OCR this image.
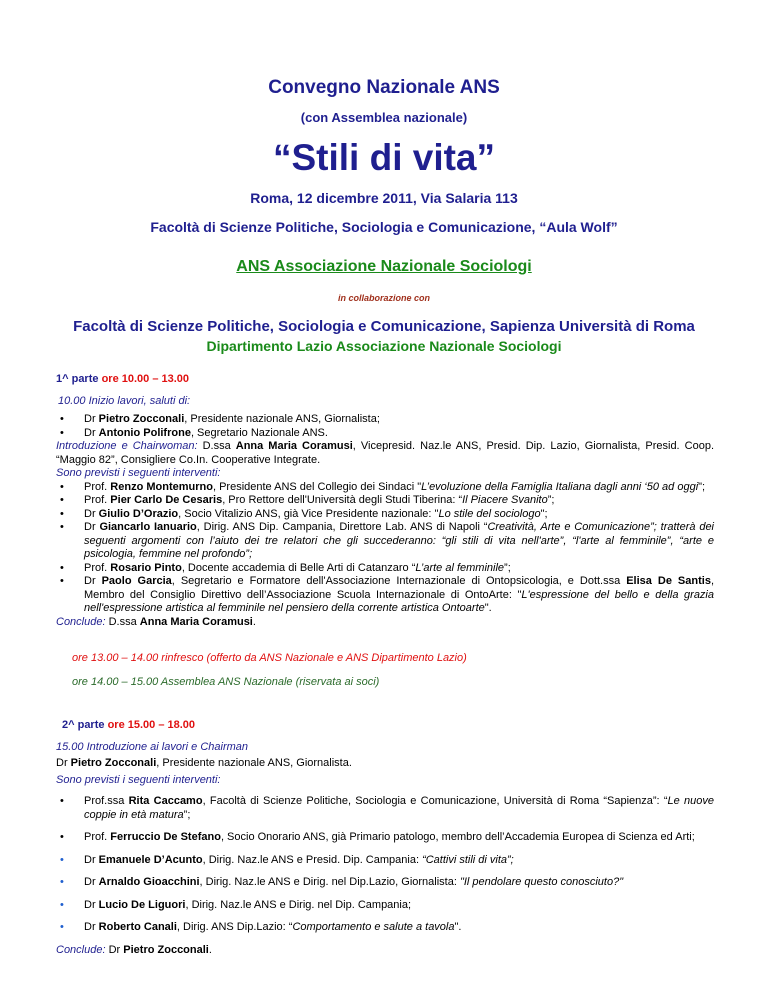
Convegno Nazionale ANS

(con Assemblea nazionale)

“Stili di vita”

Roma, 12 dicembre 2011, Via Salaria 113

Facoltà di Scienze Politiche, Sociologia e Comunicazione, “Aula Wolf”

ANS Associazione Nazionale Sociologi

in collaborazione con

Facoltà di Scienze Politiche, Sociologia e Comunicazione, Sapienza Università di Roma

Dipartimento Lazio Associazione Nazionale Sociologi

1^ parte ore 10.00 – 13.00

10.00 Inizio lavori, saluti di:

• Dr Pietro Zocconali, Presidente nazionale ANS, Giornalista;
• Dr Antonio Polifrone, Segretario Nazionale ANS.

Introduzione e Chairwoman: D.ssa Anna Maria Coramusi, Vicepresid. Naz.le ANS, Presid. Dip. Lazio, Giornalista, Presid. Coop. “Maggio 82”, Consigliere Co.In. Cooperative Integrate.

Sono previsti i seguenti interventi:

• Prof. Renzo Montemurno, Presidente ANS del Collegio dei Sindaci "L’evoluzione della Famiglia Italiana dagli anni ‘50 ad oggi";
• Prof. Pier Carlo De Cesaris, Pro Rettore dell'Università degli Studi Tiberina: “Il Piacere Svanito”;
• Dr Giulio D’Orazio, Socio Vitalizio ANS, già Vice Presidente nazionale: "Lo stile del sociologo";
• Dr Giancarlo Ianuario, Dirig. ANS Dip. Campania, Direttore Lab. ANS di Napoli “Creatività, Arte e Comunicazione”; tratterà dei seguenti argomenti con l’aiuto dei tre relatori che gli succederanno: “gli stili di vita nell'arte”, “l'arte al femminile”, “arte e psicologia, femmine nel profondo”;
• Prof. Rosario Pinto, Docente accademia di Belle Arti di Catanzaro “L’arte al femminile”;
• Dr Paolo Garcia, Segretario e Formatore dell'Associazione Internazionale di Ontopsicologia, e Dott.ssa Elisa De Santis, Membro del Consiglio Direttivo dell’Associazione Scuola Internazionale di OntoArte: "L'espressione del bello e della grazia nell'espressione artistica al femminile nel pensiero della corrente artistica Ontoarte".

Conclude: D.ssa Anna Maria Coramusi.

ore 13.00 – 14.00 rinfresco (offerto da ANS Nazionale e ANS Dipartimento Lazio)

ore 14.00 – 15.00 Assemblea ANS Nazionale (riservata ai soci)

2^ parte ore 15.00 – 18.00

15.00 Introduzione ai lavori e Chairman

Dr Pietro Zocconali, Presidente nazionale ANS, Giornalista.

Sono previsti i seguenti interventi:

• Prof.ssa Rita Caccamo, Facoltà di Scienze Politiche, Sociologia e Comunicazione, Università di Roma “Sapienza”: “Le nuove coppie in età matura”;
• Prof. Ferruccio De Stefano, Socio Onorario ANS, già Primario patologo, membro dell’Accademia Europea di Scienza ed Arti;
• Dr Emanuele D’Acunto, Dirig. Naz.le ANS e Presid. Dip. Campania: “Cattivi stili di vita”;
• Dr Arnaldo Gioacchini, Dirig. Naz.le ANS e Dirig. nel Dip.Lazio, Giornalista: "Il pendolare questo conosciuto?"
• Dr Lucio De Liguori, Dirig. Naz.le ANS e Dirig. nel Dip. Campania;
• Dr Roberto Canali, Dirig. ANS Dip.Lazio: “Comportamento e salute a tavola".

Conclude: Dr Pietro Zocconali.
